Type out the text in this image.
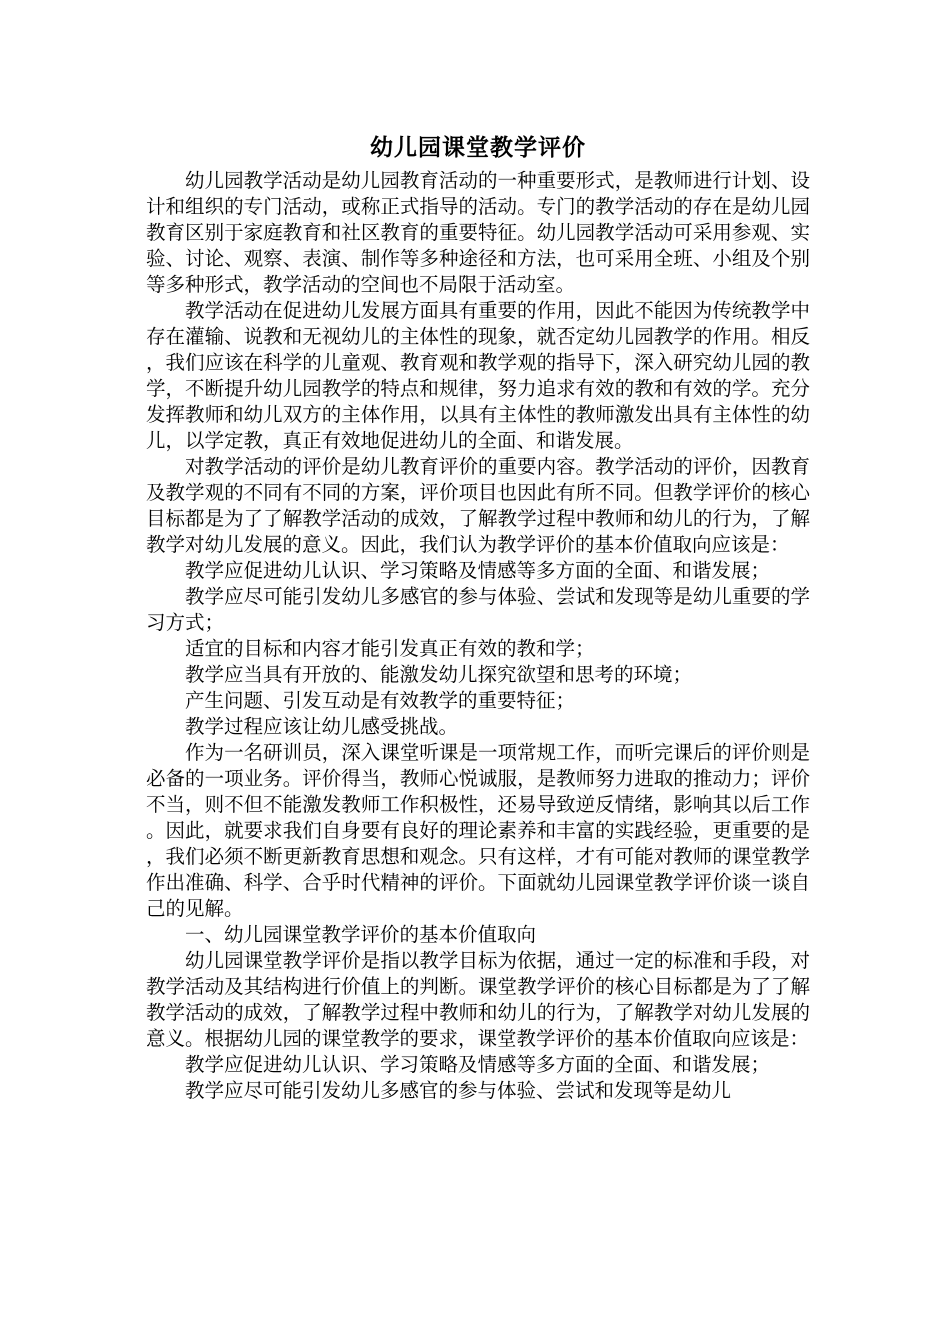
幼儿园课堂教学评价

幼儿园教学活动是幼儿园教育活动的一种重要形式，是教师进行计划、设计和组织的专门活动，或称正式指导的活动。专门的教学活动的存在是幼儿园教育区别于家庭教育和社区教育的重要特征。幼儿园教学活动可采用参观、实验、讨论、观察、表演、制作等多种途径和方法，也可采用全班、小组及个别等多种形式，教学活动的空间也不局限于活动室。

教学活动在促进幼儿发展方面具有重要的作用，因此不能因为传统教学中存在灌输、说教和无视幼儿的主体性的现象，就否定幼儿园教学的作用。相反，我们应该在科学的儿童观、教育观和教学观的指导下，深入研究幼儿园的教学，不断提升幼儿园教学的特点和规律，努力追求有效的教和有效的学。充分发挥教师和幼儿双方的主体作用，以具有主体性的教师激发出具有主体性的幼儿，以学定教，真正有效地促进幼儿的全面、和谐发展。

对教学活动的评价是幼儿教育评价的重要内容。教学活动的评价，因教育及教学观的不同有不同的方案，评价项目也因此有所不同。但教学评价的核心目标都是为了了解教学活动的成效，了解教学过程中教师和幼儿的行为，了解教学对幼儿发展的意义。因此，我们认为教学评价的基本价值取向应该是：

教学应促进幼儿认识、学习策略及情感等多方面的全面、和谐发展；

教学应尽可能引发幼儿多感官的参与体验、尝试和发现等是幼儿重要的学习方式；

适宜的目标和内容才能引发真正有效的教和学；

教学应当具有开放的、能激发幼儿探究欲望和思考的环境；

产生问题、引发互动是有效教学的重要特征；

教学过程应该让幼儿感受挑战。

作为一名研训员，深入课堂听课是一项常规工作，而听完课后的评价则是必备的一项业务。评价得当，教师心悦诚服，是教师努力进取的推动力；评价不当，则不但不能激发教师工作积极性，还易导致逆反情绪，影响其以后工作。因此，就要求我们自身要有良好的理论素养和丰富的实践经验，更重要的是，我们必须不断更新教育思想和观念。只有这样，才有可能对教师的课堂教学作出准确、科学、合乎时代精神的评价。下面就幼儿园课堂教学评价谈一谈自己的见解。

一、幼儿园课堂教学评价的基本价值取向

幼儿园课堂教学评价是指以教学目标为依据，通过一定的标准和手段，对教学活动及其结构进行价值上的判断。课堂教学评价的核心目标都是为了了解教学活动的成效，了解教学过程中教师和幼儿的行为，了解教学对幼儿发展的意义。根据幼儿园的课堂教学的要求，课堂教学评价的基本价值取向应该是：

教学应促进幼儿认识、学习策略及情感等多方面的全面、和谐发展；

教学应尽可能引发幼儿多感官的参与体验、尝试和发现等是幼儿
